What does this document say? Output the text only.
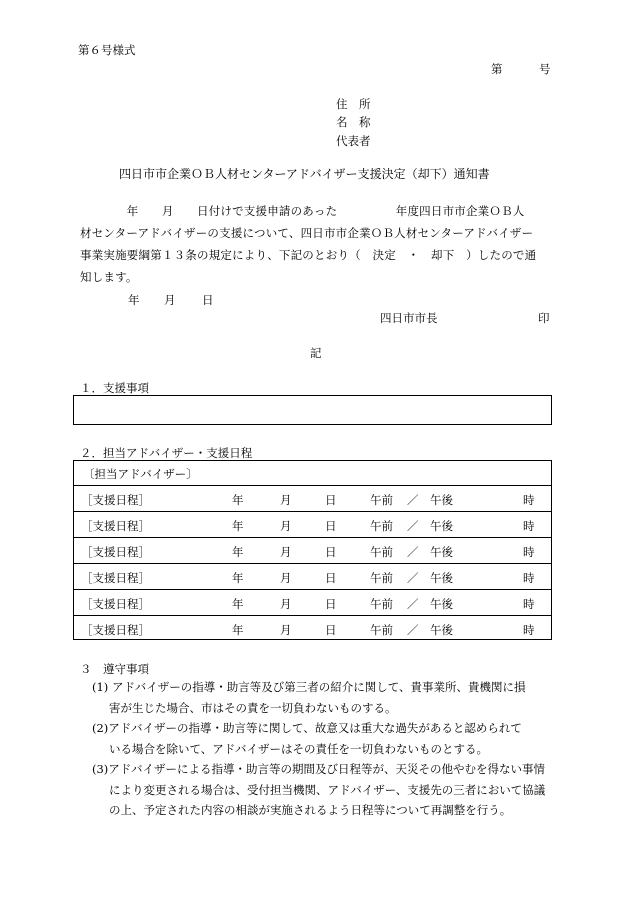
第６号様式
第	号
住　所
名　称
代表者
四日市市企業ＯＢ人材センターアドバイザー支援決定（却下）通知書
　　　　年　　月　　日付けで支援申請のあった　　　　　年度四日市市企業ＯＢ人
材センターアドバイザーの支援について、四日市市企業ＯＢ人材センターアドバイザー
事業実施要綱第１３条の規定により、下記のとおり（　決定　・　却下　）したので通
知します。
年 月 日
四日市市長	印
記
１．支援事項
２．担当アドバイザー・支援日程
〔担当アドバイザー〕
［支援日程］	年	月	日	午前 ／ 午後	時
［支援日程］	年	月	日	午前 ／ 午後	時
［支援日程］	年	月	日	午前 ／ 午後	時
［支援日程］	年	月	日	午前 ／ 午後	時
［支援日程］	年	月	日	午前 ／ 午後	時
［支援日程］	年	月	日	午前 ／ 午後	時
３　遵守事項
(1) アドバイザーの指導・助言等及び第三者の紹介に関して、貴事業所、貴機関に損
害が生じた場合、市はその責を一切負わないものする。
(2)アドバイザーの指導・助言等に関して、故意又は重大な過失があると認められて
いる場合を除いて、アドバイザーはその責任を一切負わないものとする。
(3)アドバイザーによる指導・助言等の期間及び日程等が、天災その他やむを得ない事情
により変更される場合は、受付担当機関、アドバイザー、支援先の三者において協議
の上、予定された内容の相談が実施されるよう日程等について再調整を行う。
